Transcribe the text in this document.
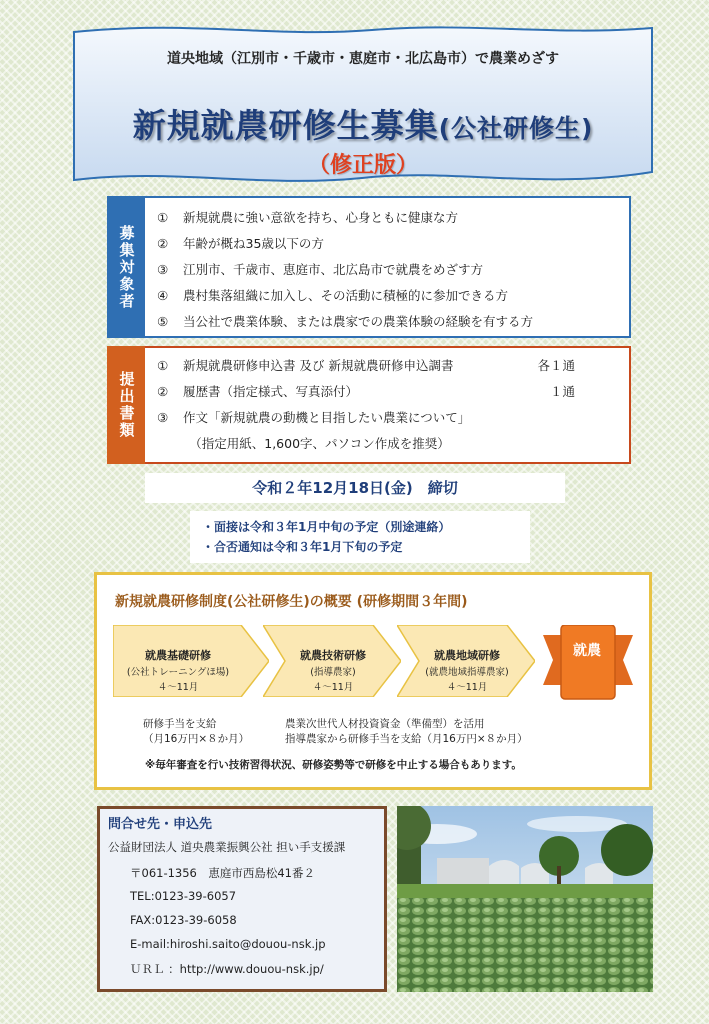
道央地域（江別市・千歳市・恵庭市・北広島市）で農業めざす
新規就農研修生募集(公社研修生)
（修正版）
募集対象者
①	新規就農に強い意欲を持ち、心身ともに健康な方
②	年齢が概ね35歳以下の方
③	江別市、千歳市、恵庭市、北広島市で就農をめざす方
④	農村集落組織に加入し、その活動に積極的に参加できる方
⑤	当公社で農業体験、または農家での農業体験の経験を有する方
提出書類
①	新規就農研修申込書 及び 新規就農研修申込調書	各１通
②	履歴書（指定様式、写真添付）	１通
③	作文「新規就農の動機と目指したい農業について」
　（指定用紙、1,600字、パソコン作成を推奨）
令和２年12月18日(金)　締切
・面接は令和３年1月中旬の予定（別途連絡）
・合否通知は令和３年1月下旬の予定
新規就農研修制度(公社研修生)の概要 (研修期間３年間)
就農基礎研修
(公社トレーニングほ場)
４～11月
就農技術研修
(指導農家)
４～11月
就農地域研修
(就農地域指導農家)
４～11月
就農
研修手当を支給
（月16万円×８か月）
農業次世代人材投資資金（準備型）を活用
指導農家から研修手当を支給（月16万円×８か月）
※毎年審査を行い技術習得状況、研修姿勢等で研修を中止する場合もあります。
問合せ先・申込先
公益財団法人 道央農業振興公社 担い手支援課
〒061-1356　恵庭市西島松41番２
TEL:0123-39-6057
FAX:0123-39-6058
E-mail:hiroshi.saito@douou-nsk.jp
ＵＲＬ ：http://www.douou-nsk.jp/
